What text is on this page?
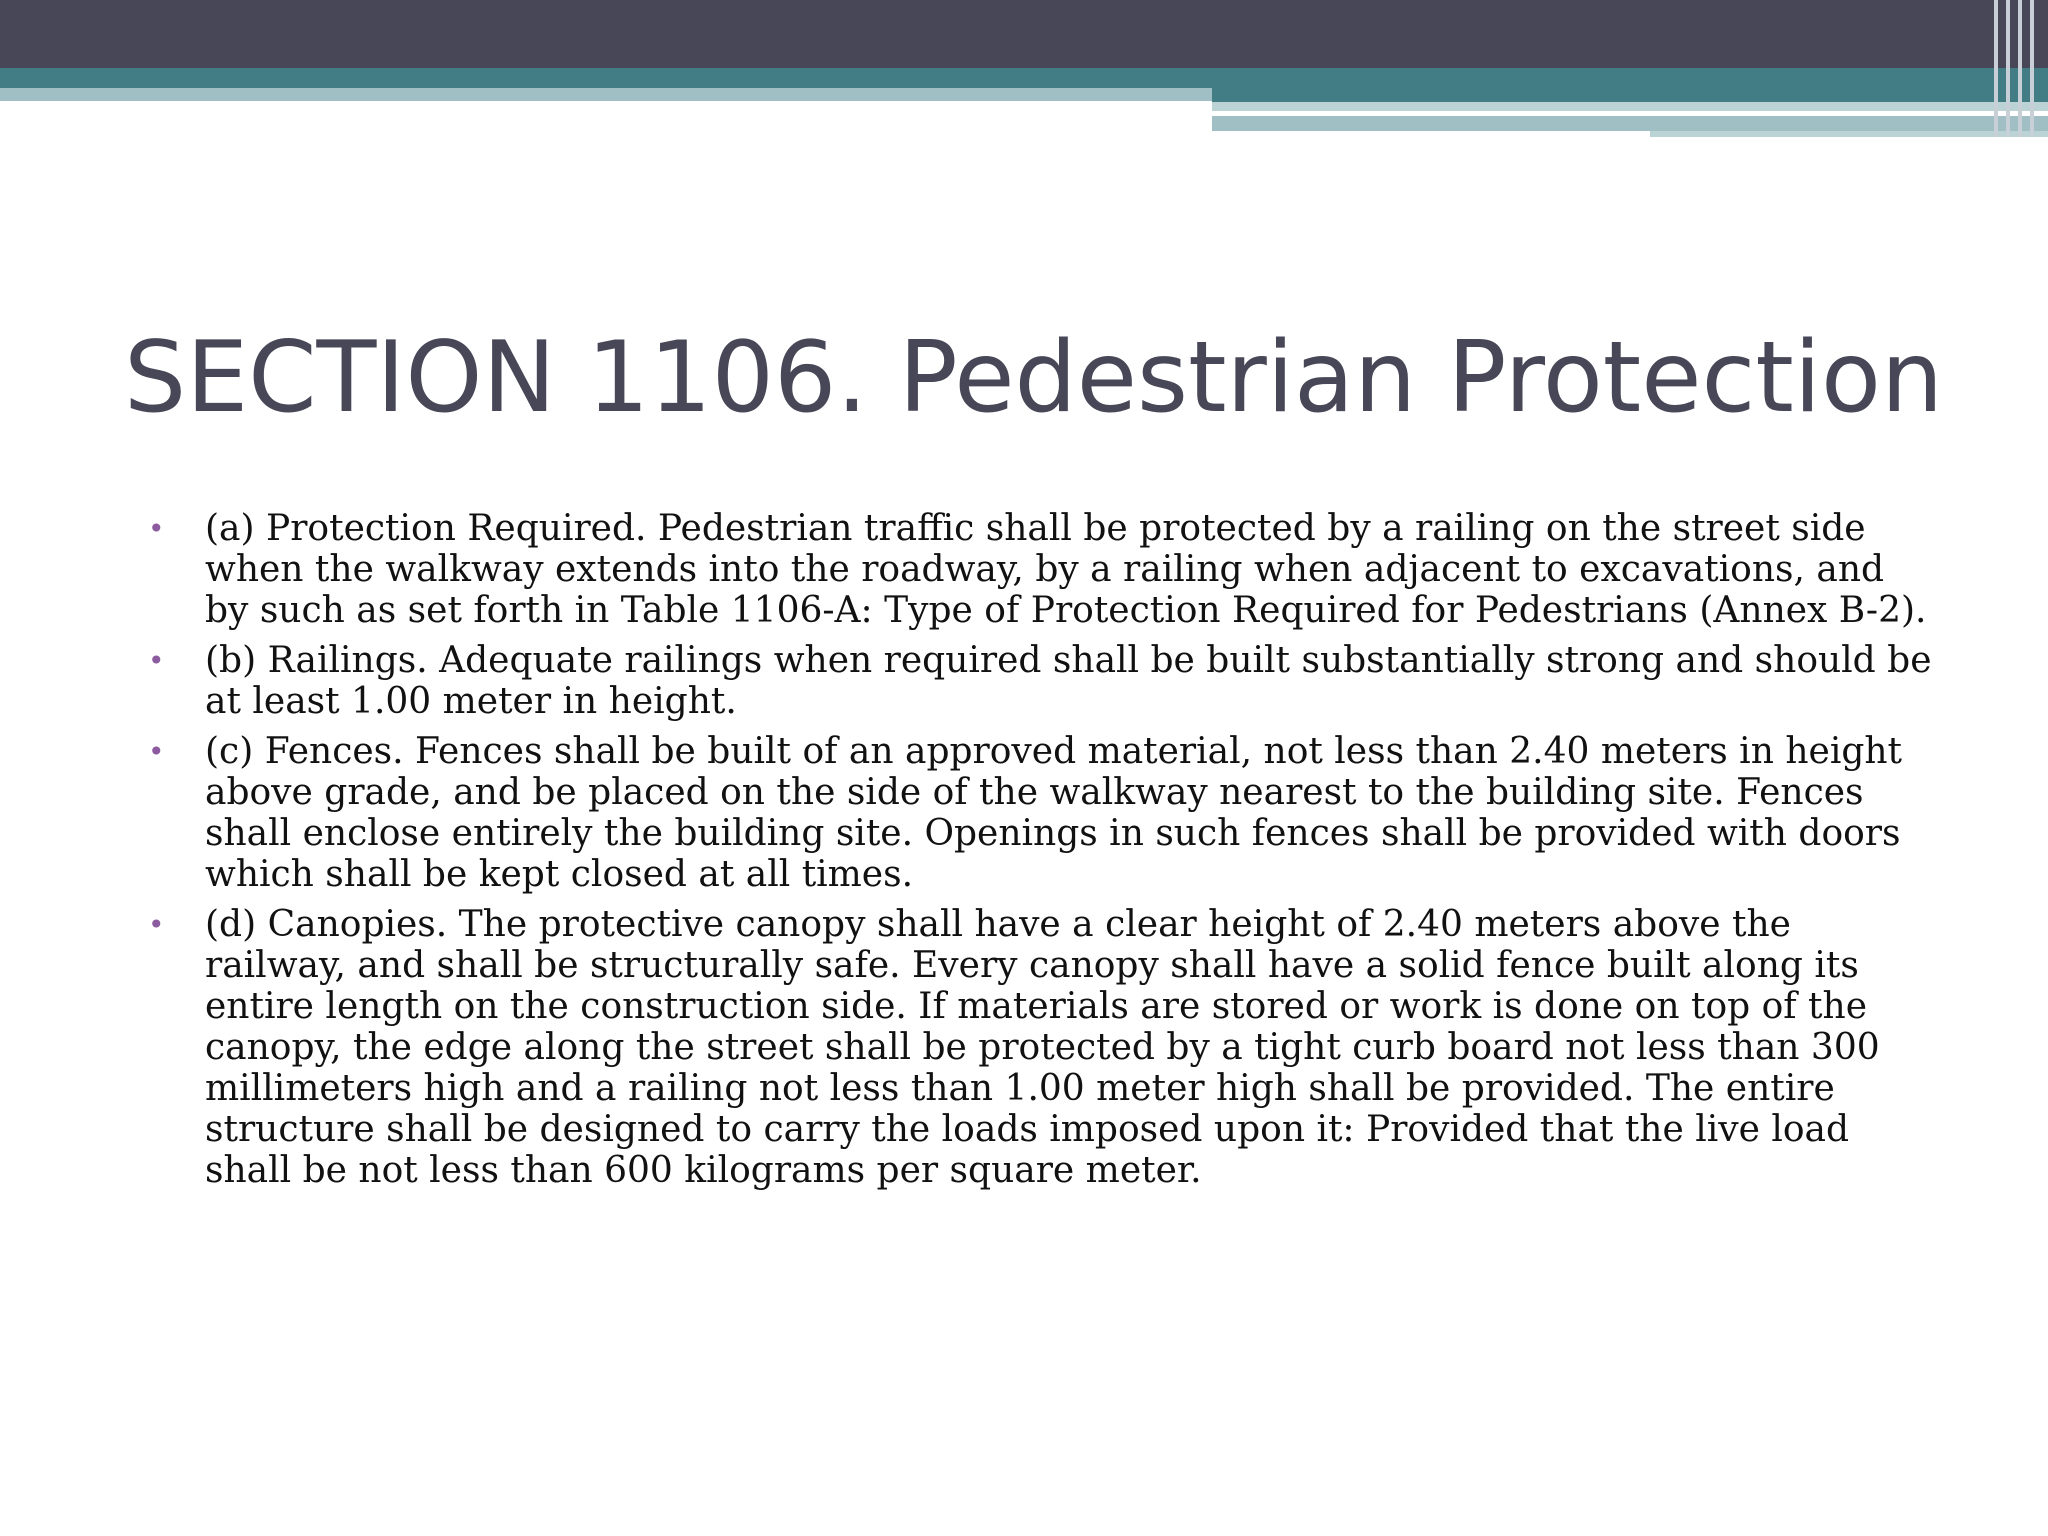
SECTION 1106. Pedestrian Protection
• (a) Protection Required. Pedestrian traffic shall be protected by a railing on the street side when the walkway extends into the roadway, by a railing when adjacent to excavations, and by such as set forth in Table 1106-A: Type of Protection Required for Pedestrians (Annex B-2).
• (b) Railings. Adequate railings when required shall be built substantially strong and should be at least 1.00 meter in height.
• (c) Fences. Fences shall be built of an approved material, not less than 2.40 meters in height above grade, and be placed on the side of the walkway nearest to the building site. Fences shall enclose entirely the building site. Openings in such fences shall be provided with doors which shall be kept closed at all times.
• (d) Canopies. The protective canopy shall have a clear height of 2.40 meters above the railway, and shall be structurally safe. Every canopy shall have a solid fence built along its entire length on the construction side. If materials are stored or work is done on top of the canopy, the edge along the street shall be protected by a tight curb board not less than 300 millimeters high and a railing not less than 1.00 meter high shall be provided. The entire structure shall be designed to carry the loads imposed upon it: Provided that the live load shall be not less than 600 kilograms per square meter.
